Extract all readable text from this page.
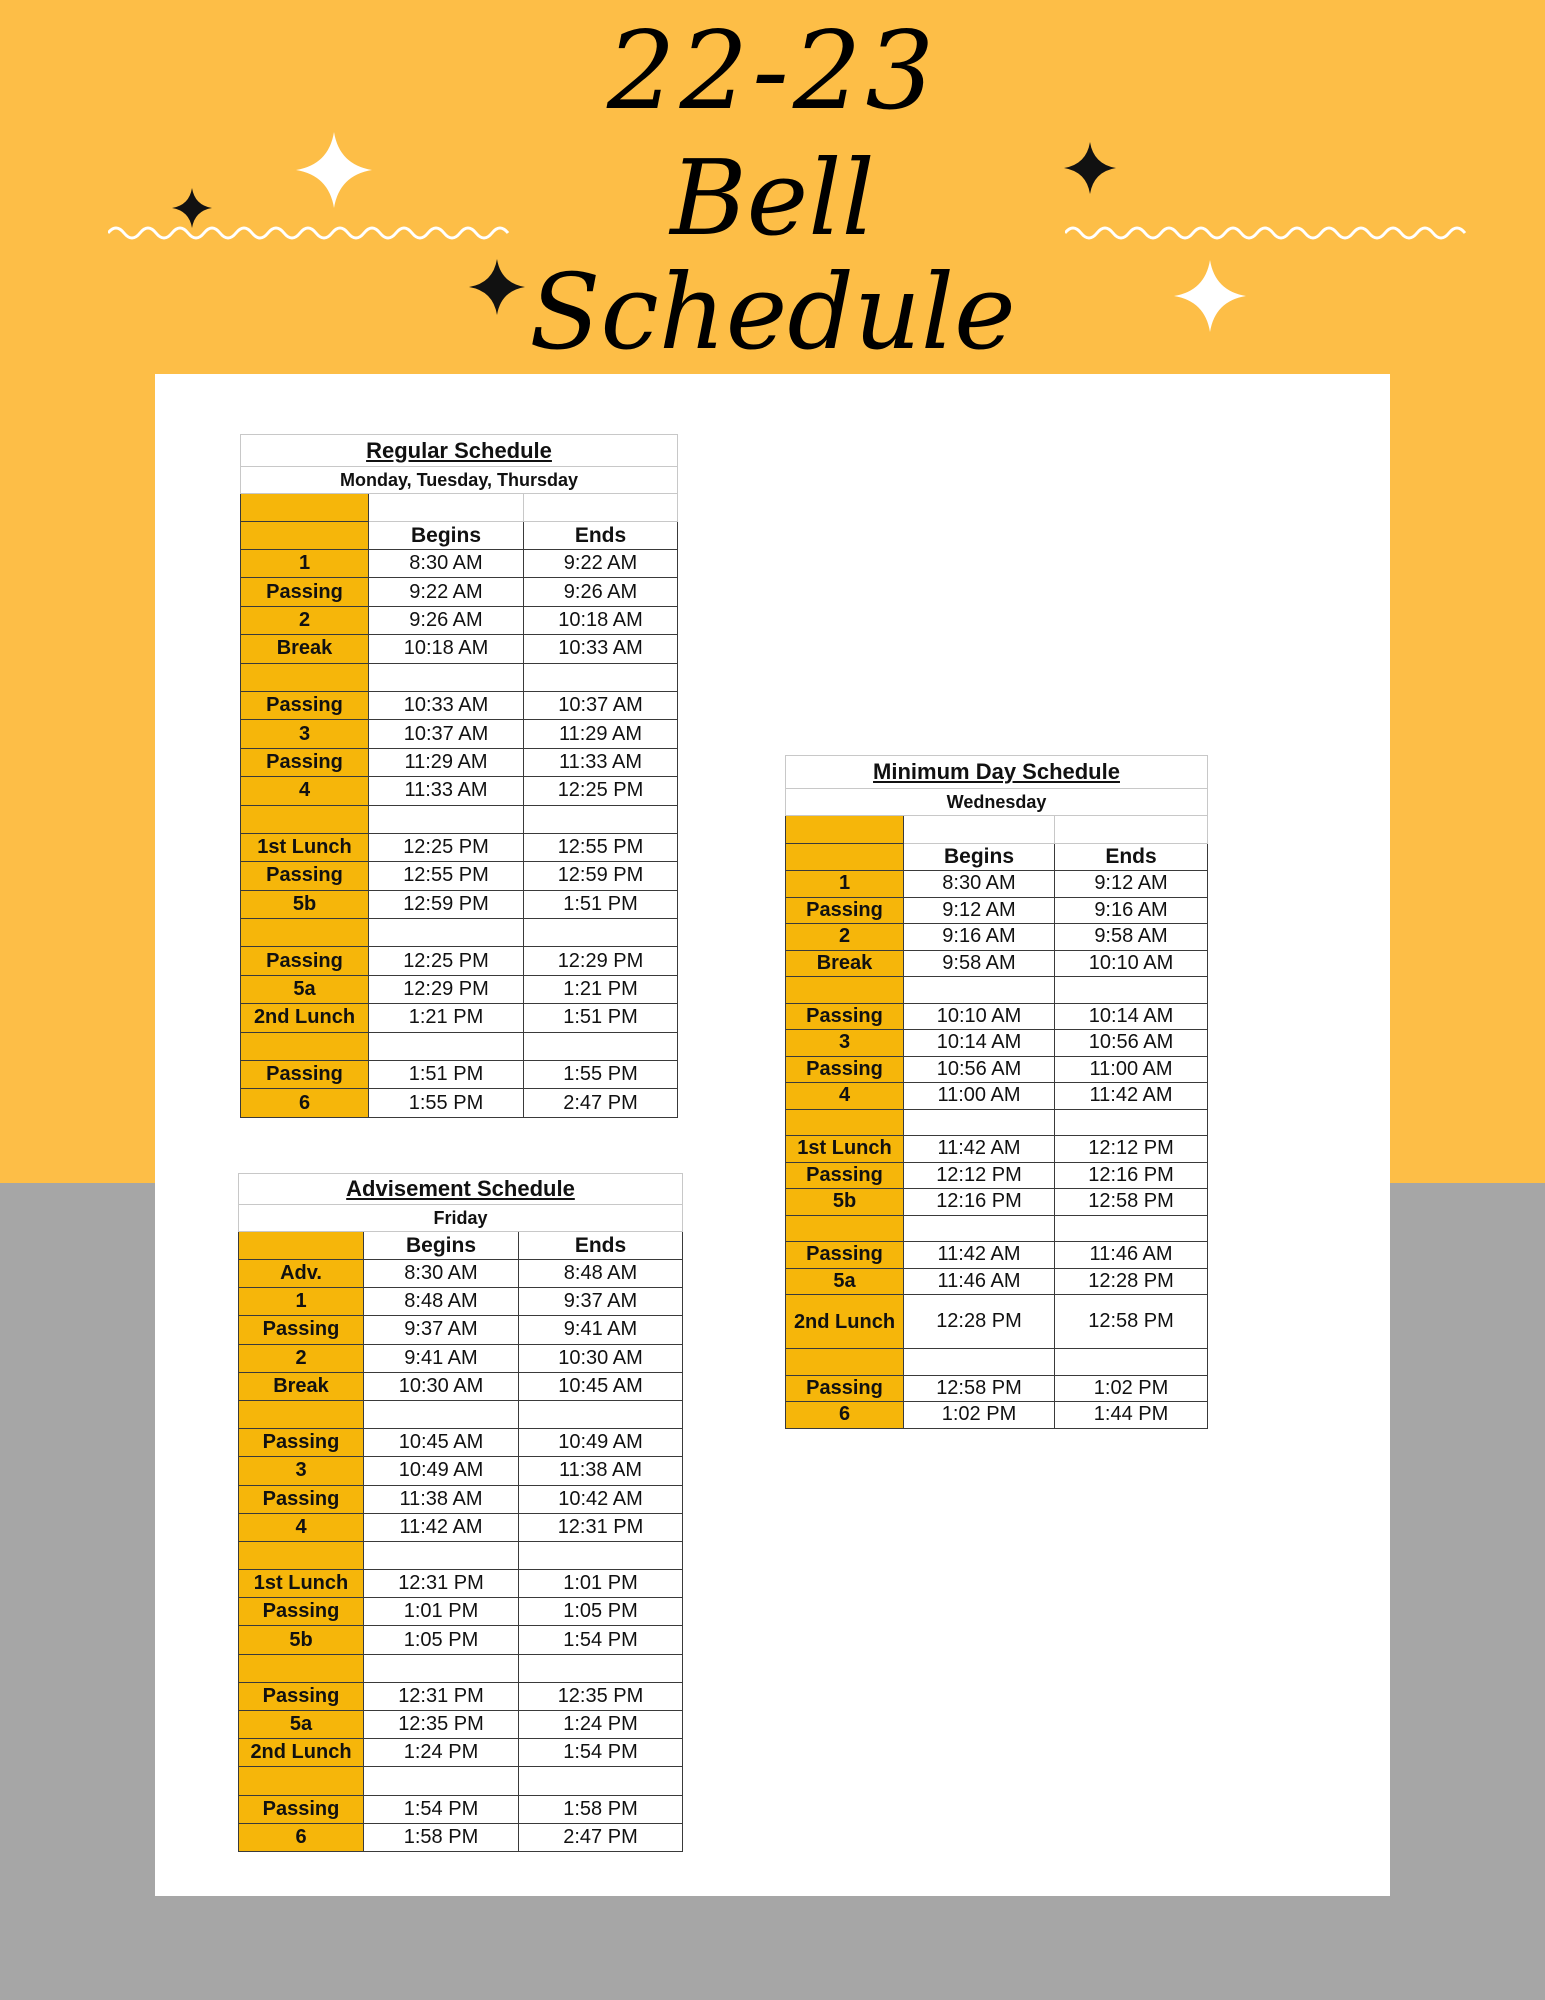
22-23
Bell
Schedule
Regular Schedule		
Monday, Tuesday, Thursday		

	Begins	Ends
1	8:30 AM	9:22 AM
Passing	9:22 AM	9:26 AM
2	9:26 AM	10:18 AM
Break	10:18 AM	10:33 AM

Passing	10:33 AM	10:37 AM
3	10:37 AM	11:29 AM
Passing	11:29 AM	11:33 AM
4	11:33 AM	12:25 PM

1st Lunch	12:25 PM	12:55 PM
Passing	12:55 PM	12:59 PM
5b	12:59 PM	1:51 PM

Passing	12:25 PM	12:29 PM
5a	12:29 PM	1:21 PM
2nd Lunch	1:21 PM	1:51 PM

Passing	1:51 PM	1:55 PM
6	1:55 PM	2:47 PM
Advisement Schedule		
Friday		
	Begins	Ends
Adv.	8:30 AM	8:48 AM
1	8:48 AM	9:37 AM
Passing	9:37 AM	9:41 AM
2	9:41 AM	10:30 AM
Break	10:30 AM	10:45 AM

Passing	10:45 AM	10:49 AM
3	10:49 AM	11:38 AM
Passing	11:38 AM	10:42 AM
4	11:42 AM	12:31 PM

1st Lunch	12:31 PM	1:01 PM
Passing	1:01 PM	1:05 PM
5b	1:05 PM	1:54 PM

Passing	12:31 PM	12:35 PM
5a	12:35 PM	1:24 PM
2nd Lunch	1:24 PM	1:54 PM

Passing	1:54 PM	1:58 PM
6	1:58 PM	2:47 PM
Minimum Day Schedule		
Wednesday		

	Begins	Ends
1	8:30 AM	9:12 AM
Passing	9:12 AM	9:16 AM
2	9:16 AM	9:58 AM
Break	9:58 AM	10:10 AM

Passing	10:10 AM	10:14 AM
3	10:14 AM	10:56 AM
Passing	10:56 AM	11:00 AM
4	11:00 AM	11:42 AM

1st Lunch	11:42 AM	12:12 PM
Passing	12:12 PM	12:16 PM
5b	12:16 PM	12:58 PM

Passing	11:42 AM	11:46 AM
5a	11:46 AM	12:28 PM
2nd Lunch	12:28 PM	12:58 PM

Passing	12:58 PM	1:02 PM
6	1:02 PM	1:44 PM
